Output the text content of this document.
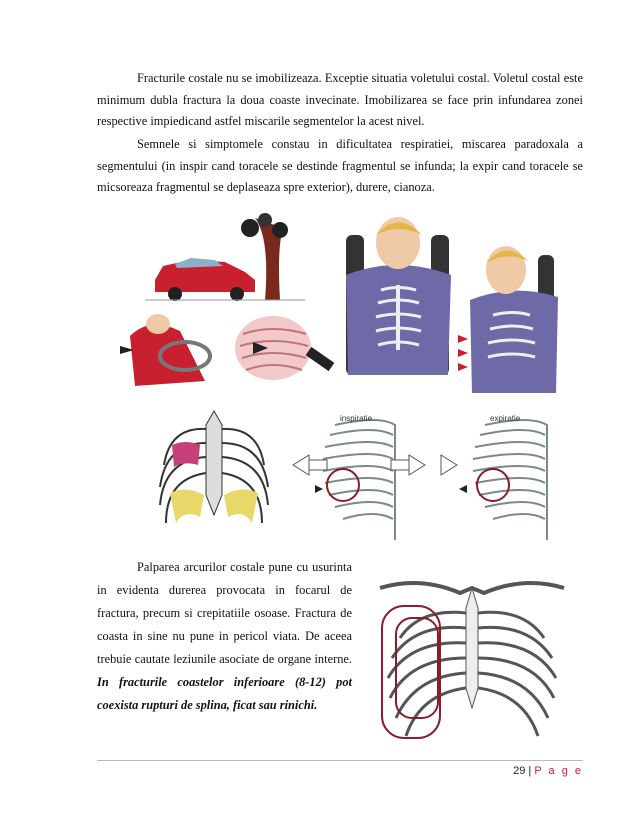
Fracturile costale nu se imobilizeaza. Exceptie situatia voletului costal. Voletul costal este minimum dubla fractura la doua coaste invecinate. Imobilizarea se face prin infundarea zonei respective impiedicand astfel miscarile segmentelor la acest nivel.
Semnele si simptomele constau in dificultatea respiratiei, miscarea paradoxala a segmentului (in inspir cand toracele se destinde fragmentul se infunda; la expir cand toracele se micsoreaza fragmentul se deplaseaza spre exterior), durere, cianoza.
inspiratie	expiratie
Palparea arcurilor costale pune cu usurinta in evidenta durerea provocata in focarul de fractura, precum si crepitatiile osoase. Fractura de coasta in sine nu pune in pericol viata. De aceea trebuie cautate leziunile asociate de organe interne. In fracturile coastelor inferioare (8-12) pot coexista rupturi de splina, ficat sau rinichi.
29 | P a g e
